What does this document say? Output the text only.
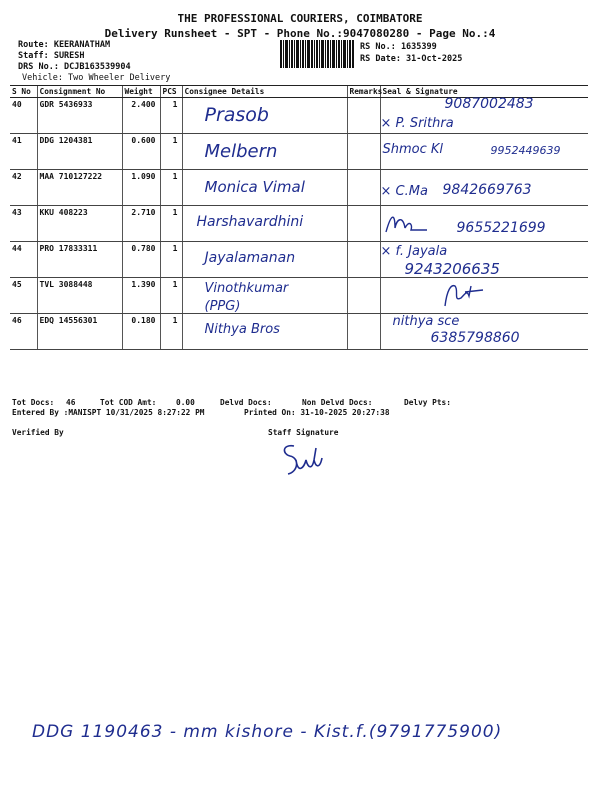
THE PROFESSIONAL COURIERS, COIMBATORE
Delivery Runsheet - SPT - Phone No.:9047080280 - Page No.:4
Route: KEERANATHAM
Staff: SURESH
DRS No.: DCJB163539904
Vehicle: Two Wheeler Delivery
RS No.: 1635399
RS Date: 31-Oct-2025
S No	Consignment No	Weight	PCS	Consignee Details	Remarks	Seal & Signature
40	GDR 5436933	2.400	1	Prasob		9087002483
× P. Srithra

41	DDG 1204381	0.600	1	Melbern		Shmoc Kl 9952449639

42	MAA 710127222	1.090	1	Monica Vimal		× C.Ma 9842669763

43	KKU 408223	2.710	1	Harshavardhini		9655221699

44	PRO 17833311	0.780	1	Jayalamanan		× f. Jayala
9243206635

45	TVL 3088448	1.390	1	Vinothkumar (PPG)

46	EDQ 14556301	0.180	1	Nithya Bros		nithya sce
6385798860
Tot Docs: 46	Tot COD Amt:	0.00	Delvd Docs:	Non Delvd Docs:	Delvy Pts:
Entered By :MANISPT 10/31/2025 8:27:22 PM	Printed On: 31-10-2025 20:27:38
Verified By	Staff Signature
DDG 1190463 - mm kishore - Kist.f.(9791775900)
